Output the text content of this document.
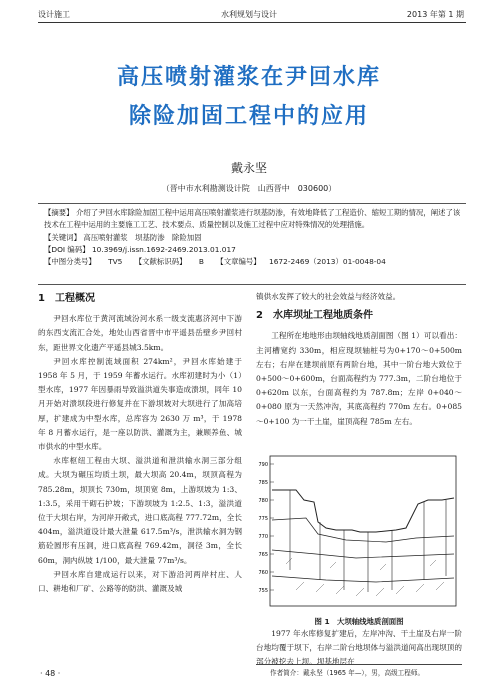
设计施工	水利规划与设计	2013 年第 1 期
高压喷射灌浆在尹回水库
除险加固工程中的应用
戴永坚
（晋中市水利勘测设计院　山西晋中　030600）
【摘要】 介绍了尹回水库除险加固工程中运用高压喷射灌浆进行坝基防渗，有效地降低了工程造价、缩短工期的情况，阐述了该技术在工程中运用的主要施工工艺、技术要点、质量控制以及施工过程中应对特殊情况的处理措施。
【关键词】 高压喷射灌浆　坝基防渗　除险加固
【DOI 编码】 10.3969/j.issn.1692-2469.2013.01.017
【中图分类号】 TV5 【文献标识码】 B 【文章编号】 1672-2469（2013）01-0048-04
1　工程概况

尹回水库位于黄河流域汾河水系一级支流惠济河中下游的东西支流汇合处，地处山西省晋中市平遥县岳壁乡尹回村东，距世界文化遗产平遥县城3.5km。

尹回水库控制流域面积 274km²，尹回水库始建于 1958 年 5 月，于 1959 年蓄水运行。水库初建时为小（1）型水库，1977 年因暴雨导致溢洪道失事造成溃坝，同年 10 月开始对溃坝段进行修复并在下游坝坡对大坝进行了加高培厚，扩建成为中型水库，总库容为 2630 万 m³，于 1978 年 8 月蓄水运行，是一座以防洪、灌溉为主，兼顾养鱼、城市供水的中型水库。

水库枢纽工程由大坝、溢洪道和泄洪输水洞三部分组成。大坝为碾压均质土坝，最大坝高 20.4m，坝顶高程为 785.28m，坝顶长 730m，坝顶宽 8m，上游坝坡为 1:3、1:3.5，采用干砌石护坡；下游坝坡为 1:2.5、1:3，溢洪道位于大坝右岸，为河岸开敞式，进口底高程 777.72m，全长 404m，溢洪道设计最大泄量 617.5m³/s，泄洪输水洞为钢筋砼圆形有压洞，进口底高程 769.42m，洞径 3m，全长 60m，洞内纵坡 1/100，最大泄量 77m³/s。

尹回水库自建成运行以来，对下游沿河两岸村庄、人口、耕地和厂矿、公路等的防洪、灌溉及城

镇供水发挥了较大的社会效益与经济效益。

2　水库坝址工程地质条件

工程所在地地形由坝轴线地质剖面图（图 1）可以看出：主河槽宽约 330m，相应现坝轴桩号为0+170～0+500m 左右；右岸在建坝前原有两阶台地，其中一阶台地大致位于 0+500～0+600m，台面高程约为 777.3m，二阶台地位于 0+620m 以东，台面高程约为 787.8m；左岸 0+040～0+080 原为一天然冲沟，其底高程约 770m 左右。0+085～0+100 为一干土崖，崖顶高程 785m 左右。

790
785
780
775
770
765
760
755
图 1　大坝轴线地质剖面图

1977 年水库修复扩建后，左岸冲沟、干土崖及右岸一阶台地均覆于坝下，右岸二阶台地坝体与溢洪道间高出现坝顶的部分被挖去上坝。坝基地层在

作者简介：戴永坚（1965 年—），男，高级工程师。
· 48 ·
